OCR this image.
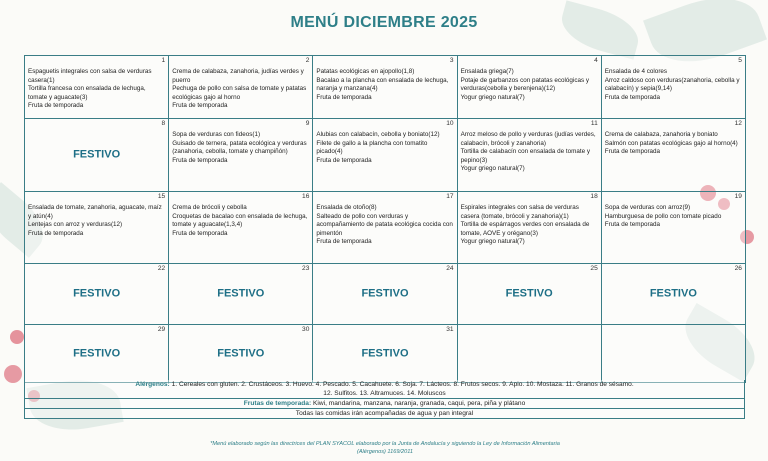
MENÚ DICIEMBRE 2025
1
Espaguetis integrales con salsa de verduras casera(1)
Tortilla francesa con ensalada de lechuga, tomate y aguacate(3)
Fruta de temporada
2
Crema de calabaza, zanahoria, judías verdes y puerro
Pechuga de pollo con salsa de tomate y patatas ecológicas gajo al horno
Fruta de temporada
3
Patatas ecológicas en ajopollo(1,8)
Bacalao a la plancha con ensalada de lechuga, naranja y manzana(4)
Fruta de temporada
4
Ensalada griega(7)
Potaje de garbanzos con patatas ecológicas y verduras(cebolla y berenjena)(12)
Yogur griego natural(7)
5
Ensalada de 4 colores
Arroz caldoso con verduras(zanahoria, cebolla y calabacín) y sepia(9,14)
Fruta de temporada
8
FESTIVO
9
Sopa de verduras con fideos(1)
Guisado de ternera, patata ecológica y verduras (zanahoria, cebolla, tomate y champiñón)
Fruta de temporada
10
Alubias con calabacín, cebolla y boniato(12)
Filete de gallo a la plancha con tomatito picado(4)
Fruta de temporada
11
Arroz meloso de pollo y verduras (judías verdes, calabacín, brócoli y zanahoria)
Tortilla de calabacín con ensalada de tomate y pepino(3)
Yogur griego natural(7)
12
Crema de calabaza, zanahoria y boniato
Salmón con patatas ecológicas gajo al horno(4)
Fruta de temporada
15
Ensalada de tomate, zanahoria, aguacate, maíz y atún(4)
Lentejas con arroz y verduras(12)
Fruta de temporada
16
Crema de brócoli y cebolla
Croquetas de bacalao con ensalada de lechuga, tomate y aguacate(1,3,4)
Fruta de temporada
17
Ensalada de otoño(8)
Salteado de pollo con verduras y acompañamiento de patata ecológica cocida con pimentón
Fruta de temporada
18
Espirales integrales con salsa de verduras casera (tomate, brócoli y zanahoria)(1)
Tortilla de espárragos verdes con ensalada de tomate, AOVE y orégano(3)
Yogur griego natural(7)
19
Sopa de verduras con arroz(9)
Hamburguesa de pollo con tomate picado
Fruta de temporada
22
FESTIVO
23
FESTIVO
24
FESTIVO
25
FESTIVO
26
FESTIVO
29
FESTIVO
30
FESTIVO
31
FESTIVO
Alérgenos: 1. Cereales con gluten. 2. Crustáceos. 3. Huevo. 4. Pescado. 5. Cacahuete. 6. Soja. 7. Lácteos. 8. Frutos secos. 9. Apio. 10. Mostaza. 11. Granos de sésamo.
12. Sulfitos. 13. Altramuces. 14. Moluscos
Frutas de temporada: Kiwi, mandarina, manzana, naranja, granada, caqui, pera, piña y plátano
Todas las comidas irán acompañadas de agua y pan integral
*Menú elaborado según las directrices del PLAN SYACOL elaborado por la Junta de Andalucía y siguiendo la Ley de Información Alimentaria
(Alérgenos) 1169/2011
